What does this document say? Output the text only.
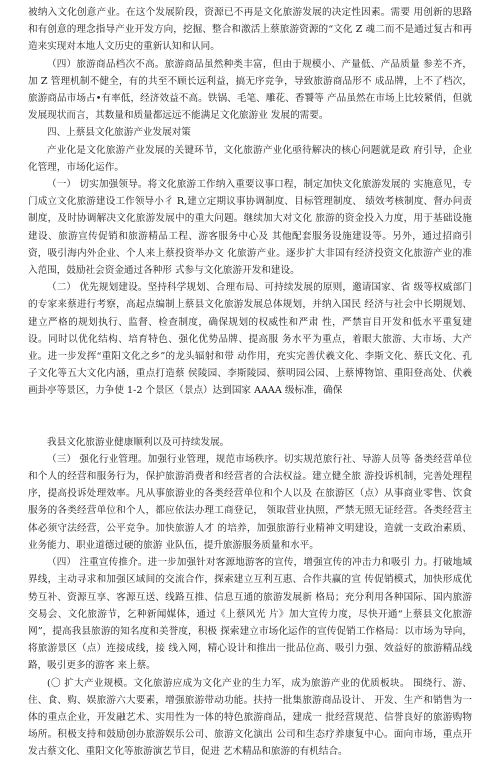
被纳入文化创意产业。在这个发展阶段，资源已不再是文化旅游发展的决定性因素。需要 用创新的思路和有创意的理念指导产业开发方向，挖掘、整合和激活上蔡旅游资源的“文化 Z 魂二而不是通过复古和再造来实现对本地人文历史的重新认知和认同。

（四）旅游商品档次不高。旅游商品虽然种类丰富，但由于规模小、产量低、产品质量 参差不齐，加 Z 管理机制不健全，有的共至不顾长远利益，搞无序竞争，导致旅游商品形不 成品牌，上不了档次，旅游商品市场占•有率低，经济效益不高。铁锅、毛笔、雕花、香饕等 产品虽然在市场上比较紧俏，但就发展现状而言，其数量和质量都远远不能满足文化旅游业 发展的需要。

四、上蔡县文化旅游产业发展对策

产业化是文化旅游产业发展的关键环节，文化旅游产业化亟待解决的核心问题就是政 府引导，企业化管理，市场化运作。

（一） 切实加强领导。将文化旅游工作纳入重要议事口程，制定加快文化旅游发展的 实施意见，专门成立文化旅游建设工作领导小彳 R,建立定期议事协调制度、目标管理制度、 绩效考核制度、督办问责制度，及时协调解决文化旅游发展中的重大问题。继续加大对文化 旅游的资金投入力度，用于基础设施建设、旅游宣传促销和旅游精品工程、游客服务中心及 其他配套服务设施建设等。另外，通过招商引资，吸引海内外企业、个人来上蔡投资举办文 化旅游产业。逐步扩大非国有经济投资文化旅游产业的准入范围，鼓励社会资金通过各种形 式参与文化旅游开发和建设。

（二） 优先规划建设。坚持科学规划、合理布局、可持续发展的原则，邀请国家、省 级等权威部门的专家来蔡进行考察，高起点编制上蔡县文化旅游发展总体规划，并纳入国民 经济与社会中长期规划、建立严格的规划执行、监督、检查制度，确保规划的权威性和严肃 性，严禁盲目开发和低水平重复建设。同时以优化结构、培育特色、强化优势品牌、提高服 务水平为重点，着眼大旅游、大市场、大产业。进一步发挥“重阳文化之乡”的龙头辐射和带 动作用，充实完善伏羲文化、李斯文化、蔡氏文化、孔子文化等五大文化内涵，重点打造蔡 侯陵园、李斯陵园、蔡明园公园、上蔡博物馆、重阳登高处、伏羲画卦亭等景区，力争使 1-2 个景区（景点）达到国家 AAAA 级标准，确保

我县文化旅游业健康顺利以及可持续发展。

（三） 强化行业管理。加强行业管理，规范市场秩序。切实规范旅行社、导游人员等 备类经营单位和个人的经营和服务行为，保护旅游消费者和经营者的合法权益。建立健全旅 游投诉机制，完善处理程序，提高投诉处理效率。凡从事旅游业的各类经营单位和个人以及 在旅游区（点）从事商业零售、饮食服务的各类经营单位和个人，都应依法办理工商登记， 领取营业执照，严禁无照无证经营。各类经营主体必须守法经营，公平竞争。加快旅游人才 的培养，加强旅游行业精神文明建设，造就一支政治素质、业务能力、职业道德过硬的旅游 业队伍，提升旅游服务质量和水平。

（四） 注重宣传推介。进一步加强针对客源地游客的宣传，增强宣传的冲击力和吸引 力。打破地域界线，主动寻求和加强区域间的交流合作，探索建立互利互惠、合作共赢的宣 传促销模式，加快形成优势互补、资源互享、客源互送、线路互推、信息互通的旅游发展新 格局；充分利用各种国际、国内旅游交易会、文化旅游节，乞种新闻媒体，通过《上蔡风光 片》加大宣传力度，尽快开通“上蔡县文化旅游网”，提高我县旅游的知名度和美誉度，积极 探索建立市场化运作的宣传促销工作格局：以市场为导向，将旅游景区（点）连接成线，接 线入网，精心设计和推出一批品位高、吸引力强、效益好的旅游精品线路，吸引更多的游客 来上蔡。

(〇 扩大产业规模。文化旅游应成为文化产业的生力军，成为旅游产业的优质板块。 围绕行、游、住、食、购、娱旅游六大要素，增强旅游带动功能。扶持一批集旅游商品设计、 开发、生产和销售为一体的重点企业，开发融艺术、实用性为一体的特色旅游商品，建成一 批经营规范、信誉良好的旅游购物场所。积极支持和鼓励创办旅游娱乐公司、旅游文化演出 公司和生态疗养康复中心。面向市场，重点开发古蔡文化、重阳文化等旅游演艺节目，促进 艺术精品和旅游的有机结合。
